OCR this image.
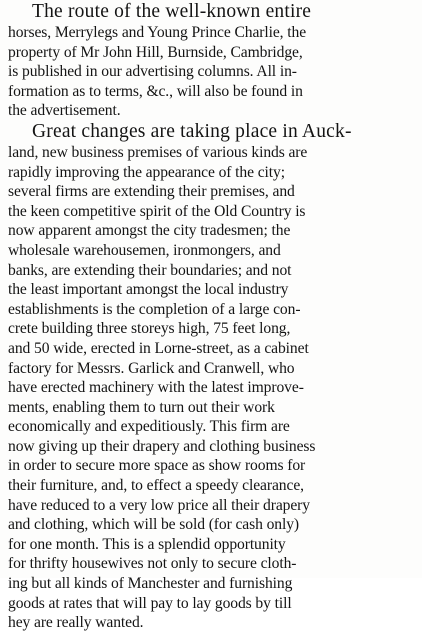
The route of the well-known entire
horses, Merrylegs and Young Prince Charlie, the
property of Mr John Hill, Burnside, Cambridge,
is published in our advertising columns. All in-
formation as to terms, &c., will also be found in
the advertisement.
Great changes are taking place in Auck-
land, new business premises of various kinds are
rapidly improving the appearance of the city;
several firms are extending their premises, and
the keen competitive spirit of the Old Country is
now apparent amongst the city tradesmen; the
wholesale warehousemen, ironmongers, and
banks, are extending their boundaries; and not
the least important amongst the local industry
establishments is the completion of a large con-
crete building three storeys high, 75 feet long,
and 50 wide, erected in Lorne-street, as a cabinet
factory for Messrs. Garlick and Cranwell, who
have erected machinery with the latest improve-
ments, enabling them to turn out their work
economically and expeditiously. This firm are
now giving up their drapery and clothing business
in order to secure more space as show rooms for
their furniture, and, to effect a speedy clearance,
have reduced to a very low price all their drapery
and clothing, which will be sold (for cash only)
for one month. This is a splendid opportunity
for thrifty housewives not only to secure cloth-
ing but all kinds of Manchester and furnishing
goods at rates that will pay to lay goods by till
hey are really wanted.
